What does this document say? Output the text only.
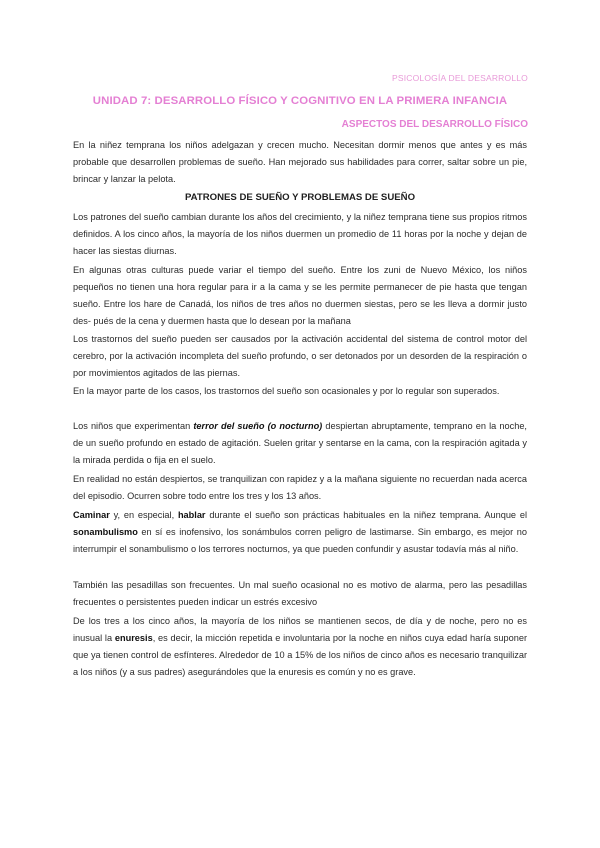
PSICOLOGÍA DEL DESARROLLO
UNIDAD 7: DESARROLLO FÍSICO Y COGNITIVO EN LA PRIMERA INFANCIA
ASPECTOS DEL DESARROLLO FÍSICO

En la niñez temprana los niños adelgazan y crecen mucho. Necesitan dormir menos que antes y es más probable que desarrollen problemas de sueño. Han mejorado sus habilidades para correr, saltar sobre un pie, brincar y lanzar la pelota.

PATRONES DE SUEÑO Y PROBLEMAS DE SUEÑO

Los patrones del sueño cambian durante los años del crecimiento, y la niñez temprana tiene sus propios ritmos definidos. A los cinco años, la mayoría de los niños duermen un promedio de 11 horas por la noche y dejan de hacer las siestas diurnas.

En algunas otras culturas puede variar el tiempo del sueño. Entre los zuni de Nuevo México, los niños pequeños no tienen una hora regular para ir a la cama y se les permite permanecer de pie hasta que tengan sueño. Entre los hare de Canadá, los niños de tres años no duermen siestas, pero se les lleva a dormir justo des- pués de la cena y duermen hasta que lo desean por la mañana

Los trastornos del sueño pueden ser causados por la activación accidental del sistema de control motor del cerebro, por la activación incompleta del sueño profundo, o ser detonados por un desorden de la respiración o por movimientos agitados de las piernas.

En la mayor parte de los casos, los trastornos del sueño son ocasionales y por lo regular son superados.

Los niños que experimentan terror del sueño (o nocturno) despiertan abruptamente, temprano en la noche, de un sueño profundo en estado de agitación. Suelen gritar y sentarse en la cama, con la respiración agitada y la mirada perdida o fija en el suelo.

En realidad no están despiertos, se tranquilizan con rapidez y a la mañana siguiente no recuerdan nada acerca del episodio. Ocurren sobre todo entre los tres y los 13 años.

Caminar y, en especial, hablar durante el sueño son prácticas habituales en la niñez temprana. Aunque el sonambulismo en sí es inofensivo, los sonámbulos corren peligro de lastimarse. Sin embargo, es mejor no interrumpir el sonambulismo o los terrores nocturnos, ya que pueden confundir y asustar todavía más al niño.

También las pesadillas son frecuentes. Un mal sueño ocasional no es motivo de alarma, pero las pesadillas frecuentes o persistentes pueden indicar un estrés excesivo

De los tres a los cinco años, la mayoría de los niños se mantienen secos, de día y de noche, pero no es inusual la enuresis, es decir, la micción repetida e involuntaria por la noche en niños cuya edad haría suponer que ya tienen control de esfínteres. Alrededor de 10 a 15% de los niños de cinco años es necesario tranquilizar a los niños (y a sus padres) asegurándoles que la enuresis es común y no es grave.
